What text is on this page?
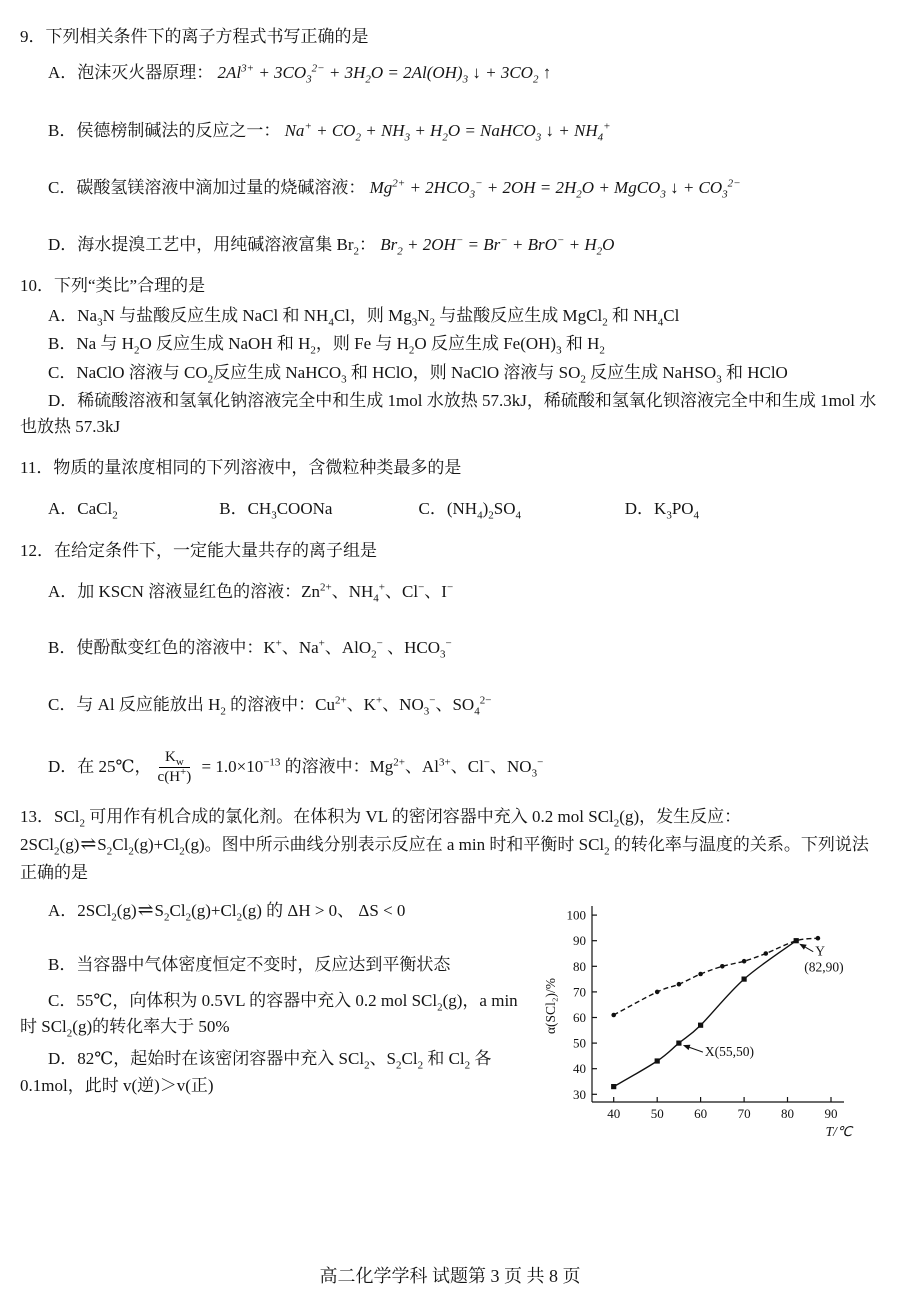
9．下列相关条件下的离子方程式书写正确的是

A．泡沫灭火器原理： $2Al^{3+} + 3CO_3^{2-} + 3H_2O = 2Al(OH)_3$ ↓ + $3CO_2$ ↑

B．侯德榜制碱法的反应之一： $Na^+ + CO_2 + NH_3 + H_2O$ = NaHCO$_3$ ↓ + $NH_4^+$

C．碳酸氢镁溶液中滴加过量的烧碱溶液： $Mg^{2+} + 2HCO_3^- + 2OH = 2H_2O$ + MgCO$_3$ ↓ + $CO_3^{2-}$

D．海水提溴工艺中，用纯碱溶液富集 $Br_2$： $Br_2 + 2OH^- = Br^- + BrO^- + H_2O$

10．下列“类比”合理的是

A．$Na_3N$ 与盐酸反应生成 NaCl 和 $NH_4Cl$，则 $Mg_3N_2$ 与盐酸反应生成 MgCl$_2$ 和 $NH_4Cl$

B．Na 与 $H_2O$ 反应生成 NaOH 和 $H_2$，则 Fe 与 $H_2O$ 反应生成 $Fe(OH)_3$ 和 $H_2$

C．NaClO 溶液与 $CO_2$反应生成 NaHCO$_3$ 和 HClO，则 NaClO 溶液与 $SO_2$ 反应生成 NaHSO$_3$ 和 HClO

D．稀硫酸溶液和氢氧化钠溶液完全中和生成 1mol 水放热 57.3kJ，稀硫酸和氢氧化钡溶液完全中和生成 1mol 水也放热 57.3kJ

11．物质的量浓度相同的下列溶液中，含微粒种类最多的是

A．CaCl$_2$	B．$CH_3COONa$	C．$(NH_4)_2SO_4$	D．$K_3PO_4$

12．在给定条件下，一定能大量共存的离子组是

A．加 KSCN 溶液显红色的溶液：$Zn^{2+}$、$NH_4^+$、Cl−、I−

B．使酚酞变红色的溶液中：K+、Na+、AlO$_2$− 、$HCO_3^-$

C．与 Al 反应能放出 $H_2$ 的溶液中：$Cu^{2+}$、K+、$NO_3^-$、$SO_4^{2-}$

D．在 25℃， $\frac{K_w}{c(H^+)} = 1.0\times 10^{-13}$ 的溶液中：$Mg^{2+}$、$Al^{3+}$、Cl−、$NO_3^-$

13．SCl$_2$ 可用作有机合成的氯化剂。在体积为 VL 的密闭容器中充入 0.2 mol SCl$_2$(g)，发生反应： $2SCl_2(g)\rightleftharpoons S_2Cl_2(g)+Cl_2(g)$。图中所示曲线分别表示反应在 a min 时和平衡时 SCl$_2$ 的转化率与温度的关系。下列说法正确的是

A．$2SCl_2(g)\rightleftharpoons S_2Cl_2(g)+Cl_2(g)$ 的 ΔH > 0、 ΔS < 0

B．当容器中气体密度恒定不变时，反应达到平衡状态

C．55℃，向体积为 0.5VL 的容器中充入 0.2 mol SCl$_2$(g)，a min 时 SCl$_2$(g)的转化率大于 50%

D．82℃，起始时在该密闭容器中充入 SCl$_2$、$S_2Cl_2$ 和 $Cl_2$ 各 0.1mol，此时 v(逆)＞v(正)	30
40
50
60
70
80
90
100
40 50 60 70 80 90
X(55,50)
Y
(82,90)
T/℃
α(SCl₂)/%
高二化学学科 试题第 3 页 共 8 页
